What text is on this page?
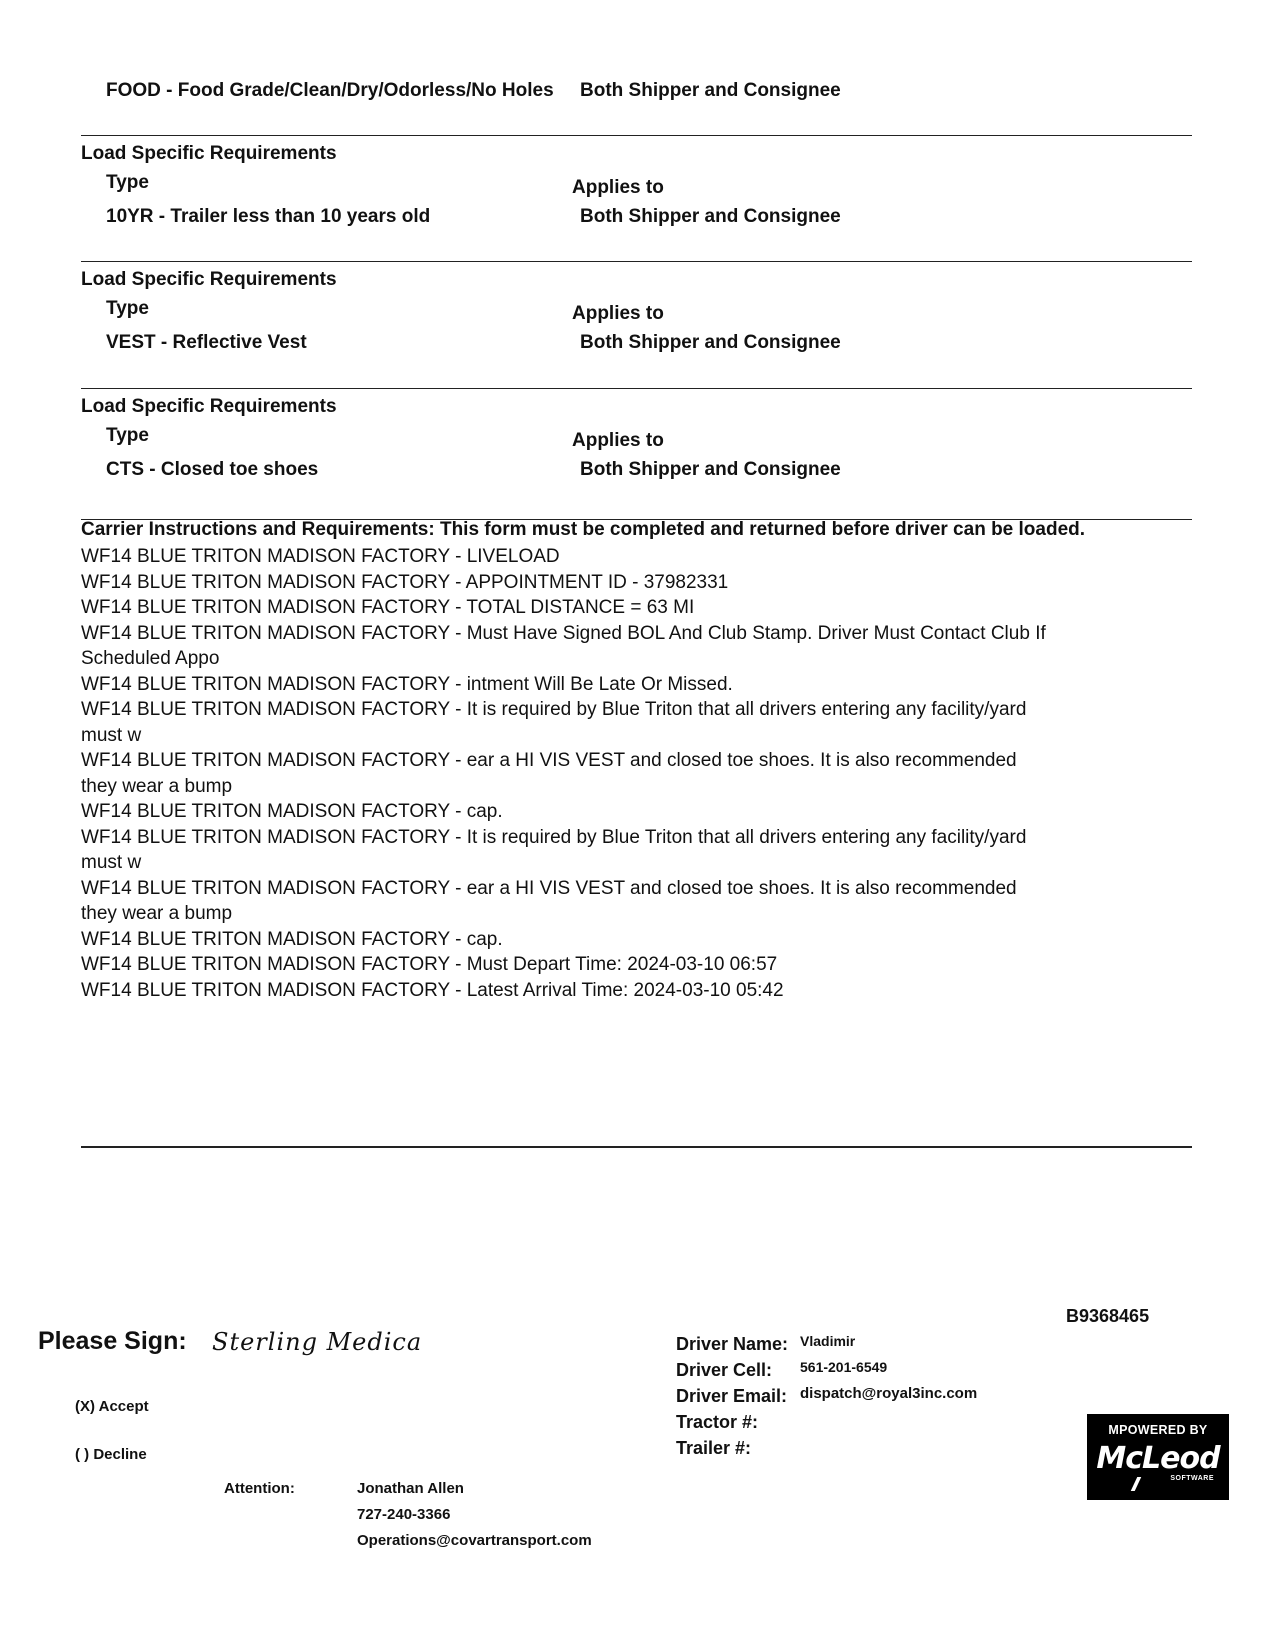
FOOD - Food Grade/Clean/Dry/Odorless/No Holes Both Shipper and Consignee
Load Specific Requirements
Type	Applies to
10YR - Trailer less than 10 years old	Both Shipper and Consignee
Load Specific Requirements
Type	Applies to
VEST - Reflective Vest	Both Shipper and Consignee
Load Specific Requirements
Type	Applies to
CTS - Closed toe shoes	Both Shipper and Consignee
Carrier Instructions and Requirements: This form must be completed and returned before driver can be loaded.
WF14 BLUE TRITON MADISON FACTORY - LIVELOAD
WF14 BLUE TRITON MADISON FACTORY - APPOINTMENT ID - 37982331
WF14 BLUE TRITON MADISON FACTORY - TOTAL DISTANCE = 63 MI
WF14 BLUE TRITON MADISON FACTORY - Must Have Signed BOL And Club Stamp. Driver Must Contact Club If
Scheduled Appo
WF14 BLUE TRITON MADISON FACTORY - intment Will Be Late Or Missed.
WF14 BLUE TRITON MADISON FACTORY - It is required by Blue Triton that all drivers entering any facility/yard
must w
WF14 BLUE TRITON MADISON FACTORY - ear a HI VIS VEST and closed toe shoes. It is also recommended
they wear a bump
WF14 BLUE TRITON MADISON FACTORY - cap.
WF14 BLUE TRITON MADISON FACTORY - It is required by Blue Triton that all drivers entering any facility/yard
must w
WF14 BLUE TRITON MADISON FACTORY - ear a HI VIS VEST and closed toe shoes. It is also recommended
they wear a bump
WF14 BLUE TRITON MADISON FACTORY - cap.
WF14 BLUE TRITON MADISON FACTORY - Must Depart Time: 2024-03-10 06:57
WF14 BLUE TRITON MADISON FACTORY - Latest Arrival Time: 2024-03-10 05:42
B9368465
Please Sign: Sterling Medica
(X) Accept
( ) Decline
Attention:	Jonathan Allen
727-240-3366
Operations@covartransport.com
Driver Name: Vladimir
Driver Cell: 561-201-6549
Driver Email: dispatch@royal3inc.com
Tractor #:
Trailer #:
MPOWERED BY
McLeod
SOFTWARE
